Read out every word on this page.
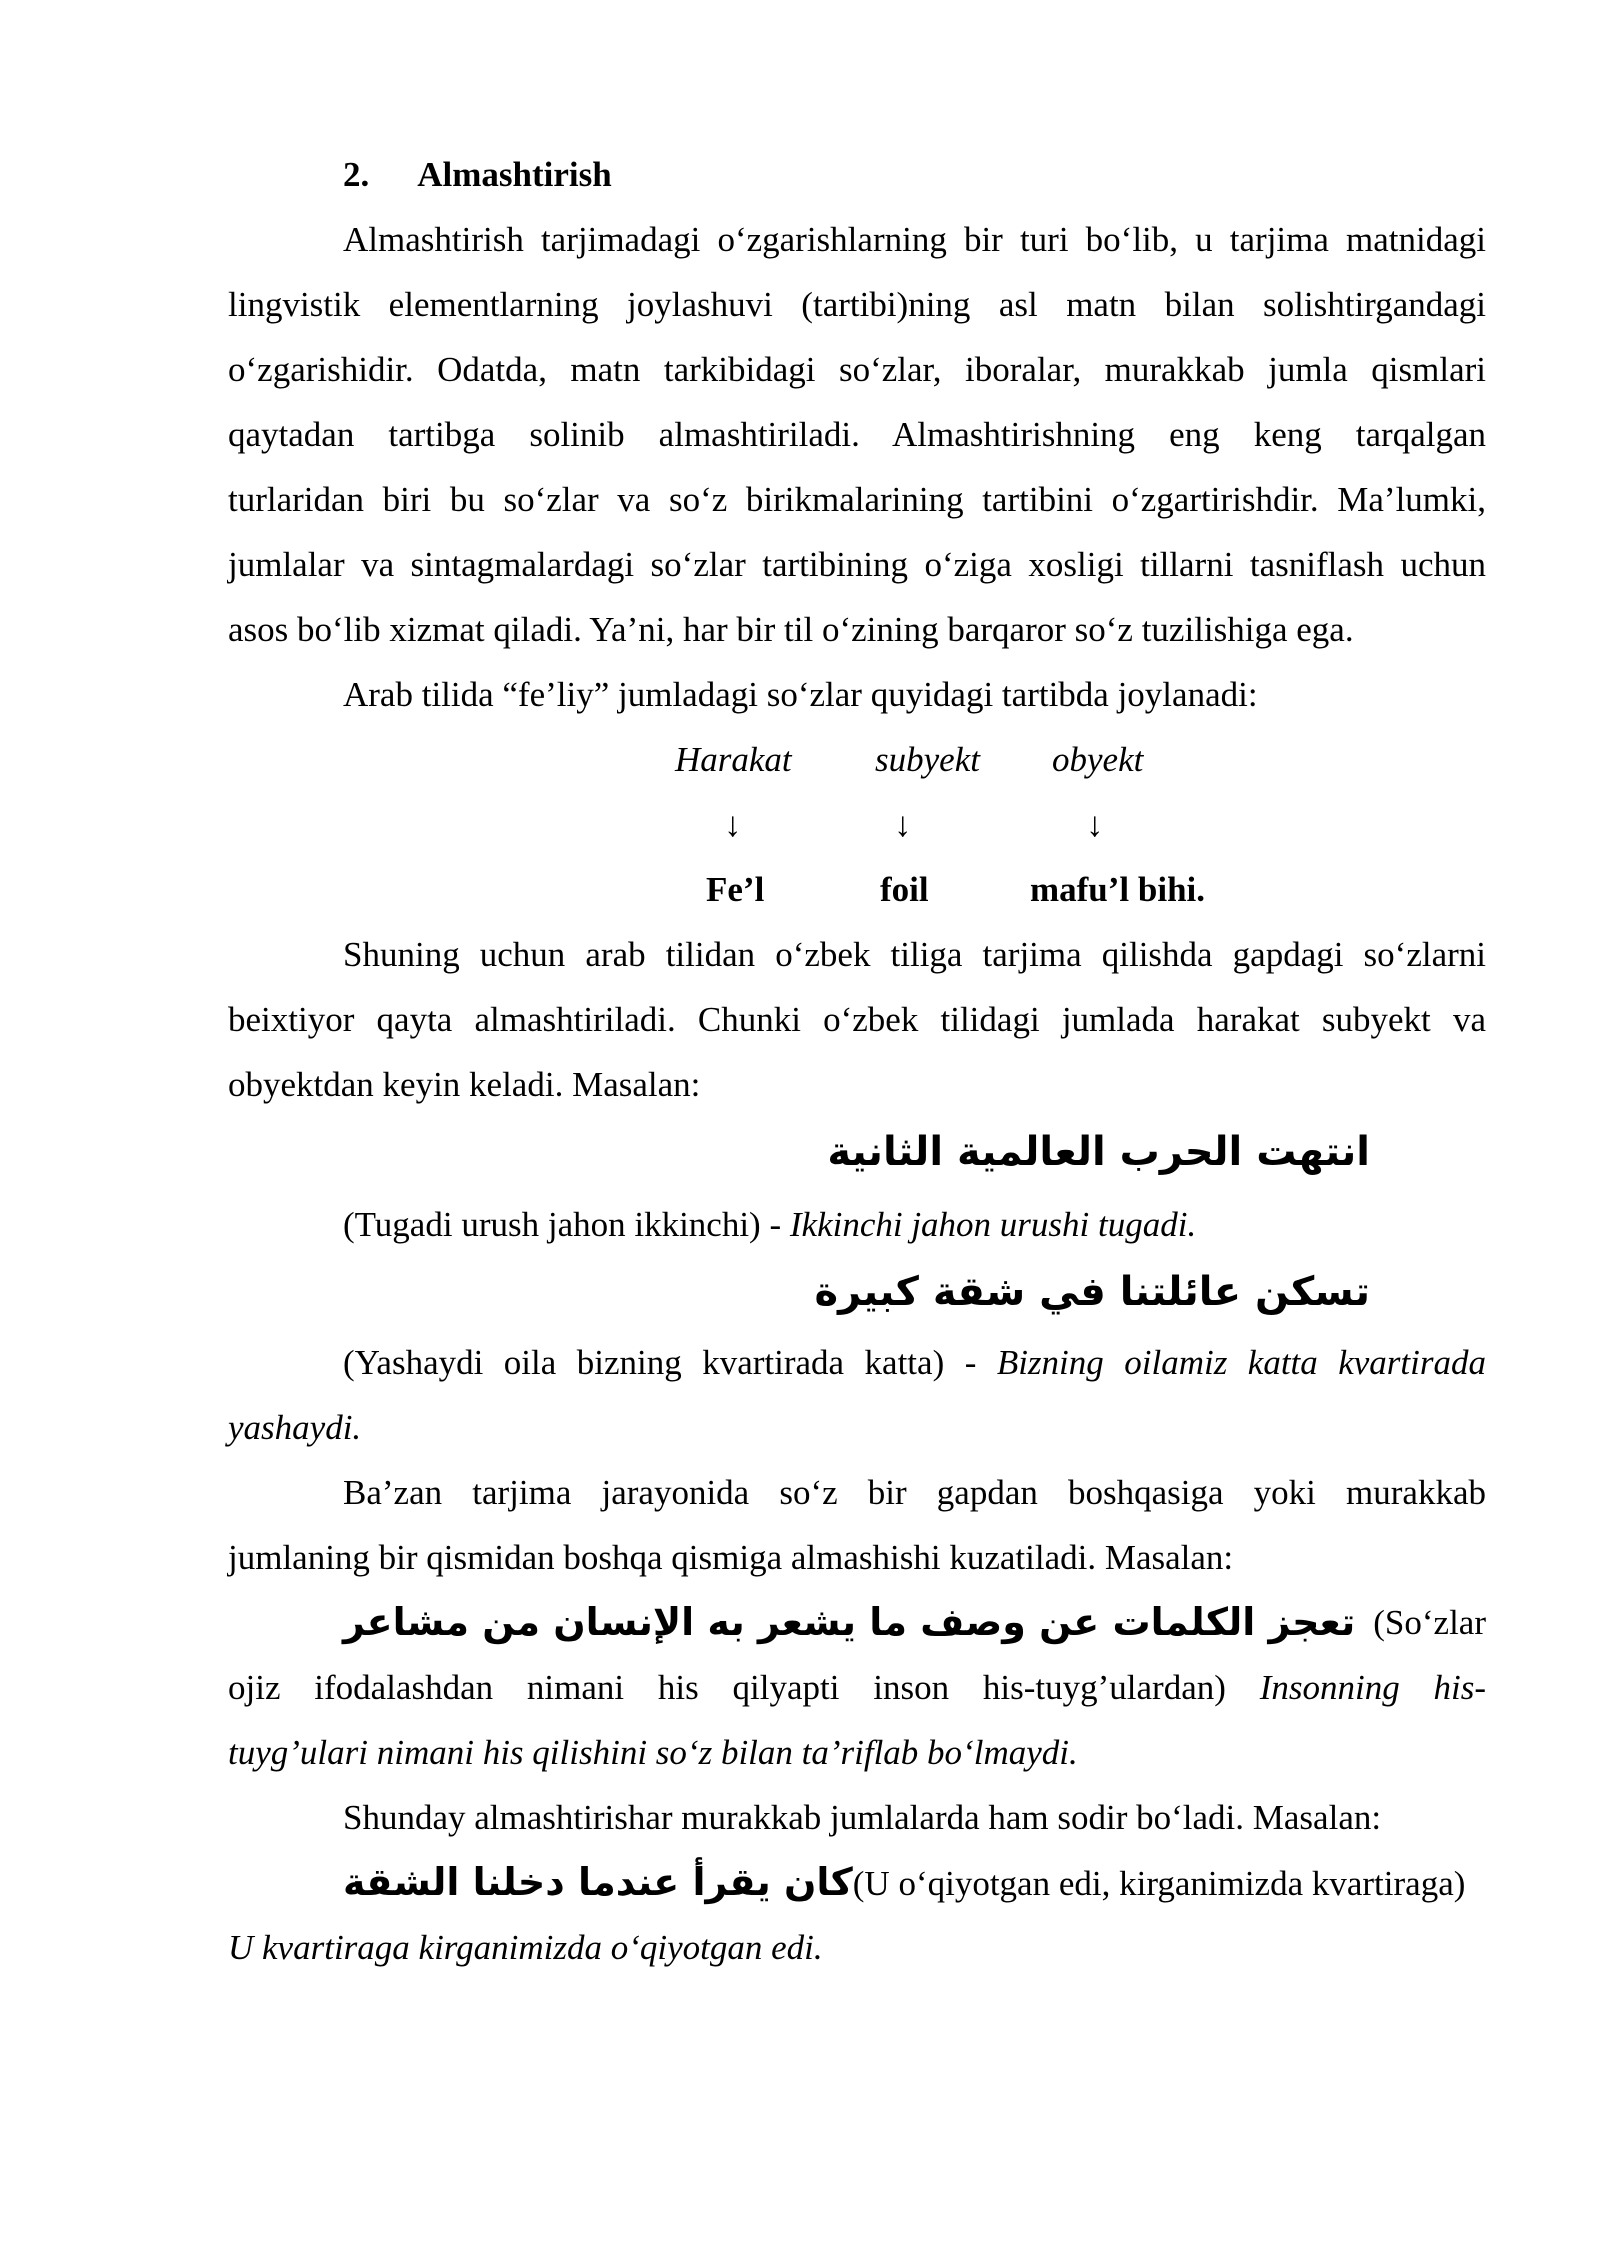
2. Almashtirish
Almashtirish tarjimadagi o‘zgarishlarning bir turi bo‘lib, u tarjima matnidagi
lingvistik elementlarning joylashuvi (tartibi)ning asl matn bilan solishtirgandagi
o‘zgarishidir. Odatda, matn tarkibidagi so‘zlar, iboralar, murakkab jumla qismlari
qaytadan tartibga solinib almashtiriladi. Almashtirishning eng keng tarqalgan
turlaridan biri bu so‘zlar va so‘z birikmalarining tartibini o‘zgartirishdir. Ma’lumki,
jumlalar va sintagmalardagi so‘zlar tartibining o‘ziga xosligi tillarni tasniflash uchun
asos bo‘lib xizmat qiladi. Ya’ni, har bir til o‘zining barqaror so‘z tuzilishiga ega.
Arab tilida “fe’liy” jumladagi so‘zlar quyidagi tartibda joylanadi:
Harakat subyekt obyekt
↓	↓	↓
Fe’l	foil	mafu’l bihi.
Shuning uchun arab tilidan o‘zbek tiliga tarjima qilishda gapdagi so‘zlarni
beixtiyor qayta almashtiriladi. Chunki o‘zbek tilidagi jumlada harakat subyekt va
obyektdan keyin keladi. Masalan:
انتهت الحرب العالمية الثانية
(Tugadi urush jahon ikkinchi) - Ikkinchi jahon urushi tugadi.
تسكن عائلتنا في شقة كبيرة
(Yashaydi oila bizning kvartirada katta) - Bizning oilamiz katta kvartirada
yashaydi.
Ba’zan tarjima jarayonida so‘z bir gapdan boshqasiga yoki murakkab
jumlaning bir qismidan boshqa qismiga almashishi kuzatiladi. Masalan:
تعجز الكلمات عن وصف ما يشعر به الإنسان من مشاعر (So‘zlar
ojiz ifodalashdan nimani his qilyapti inson his-tuyg’ulardan) Insonning his-
tuyg’ulari nimani his qilishini so‘z bilan ta’riflab bo‘lmaydi.
Shunday almashtirishar murakkab jumlalarda ham sodir bo‘ladi. Masalan:
كان يقرأ عندما دخلنا الشقة(U o‘qiyotgan edi, kirganimizda kvartiraga)
U kvartiraga kirganimizda o‘qiyotgan edi.
